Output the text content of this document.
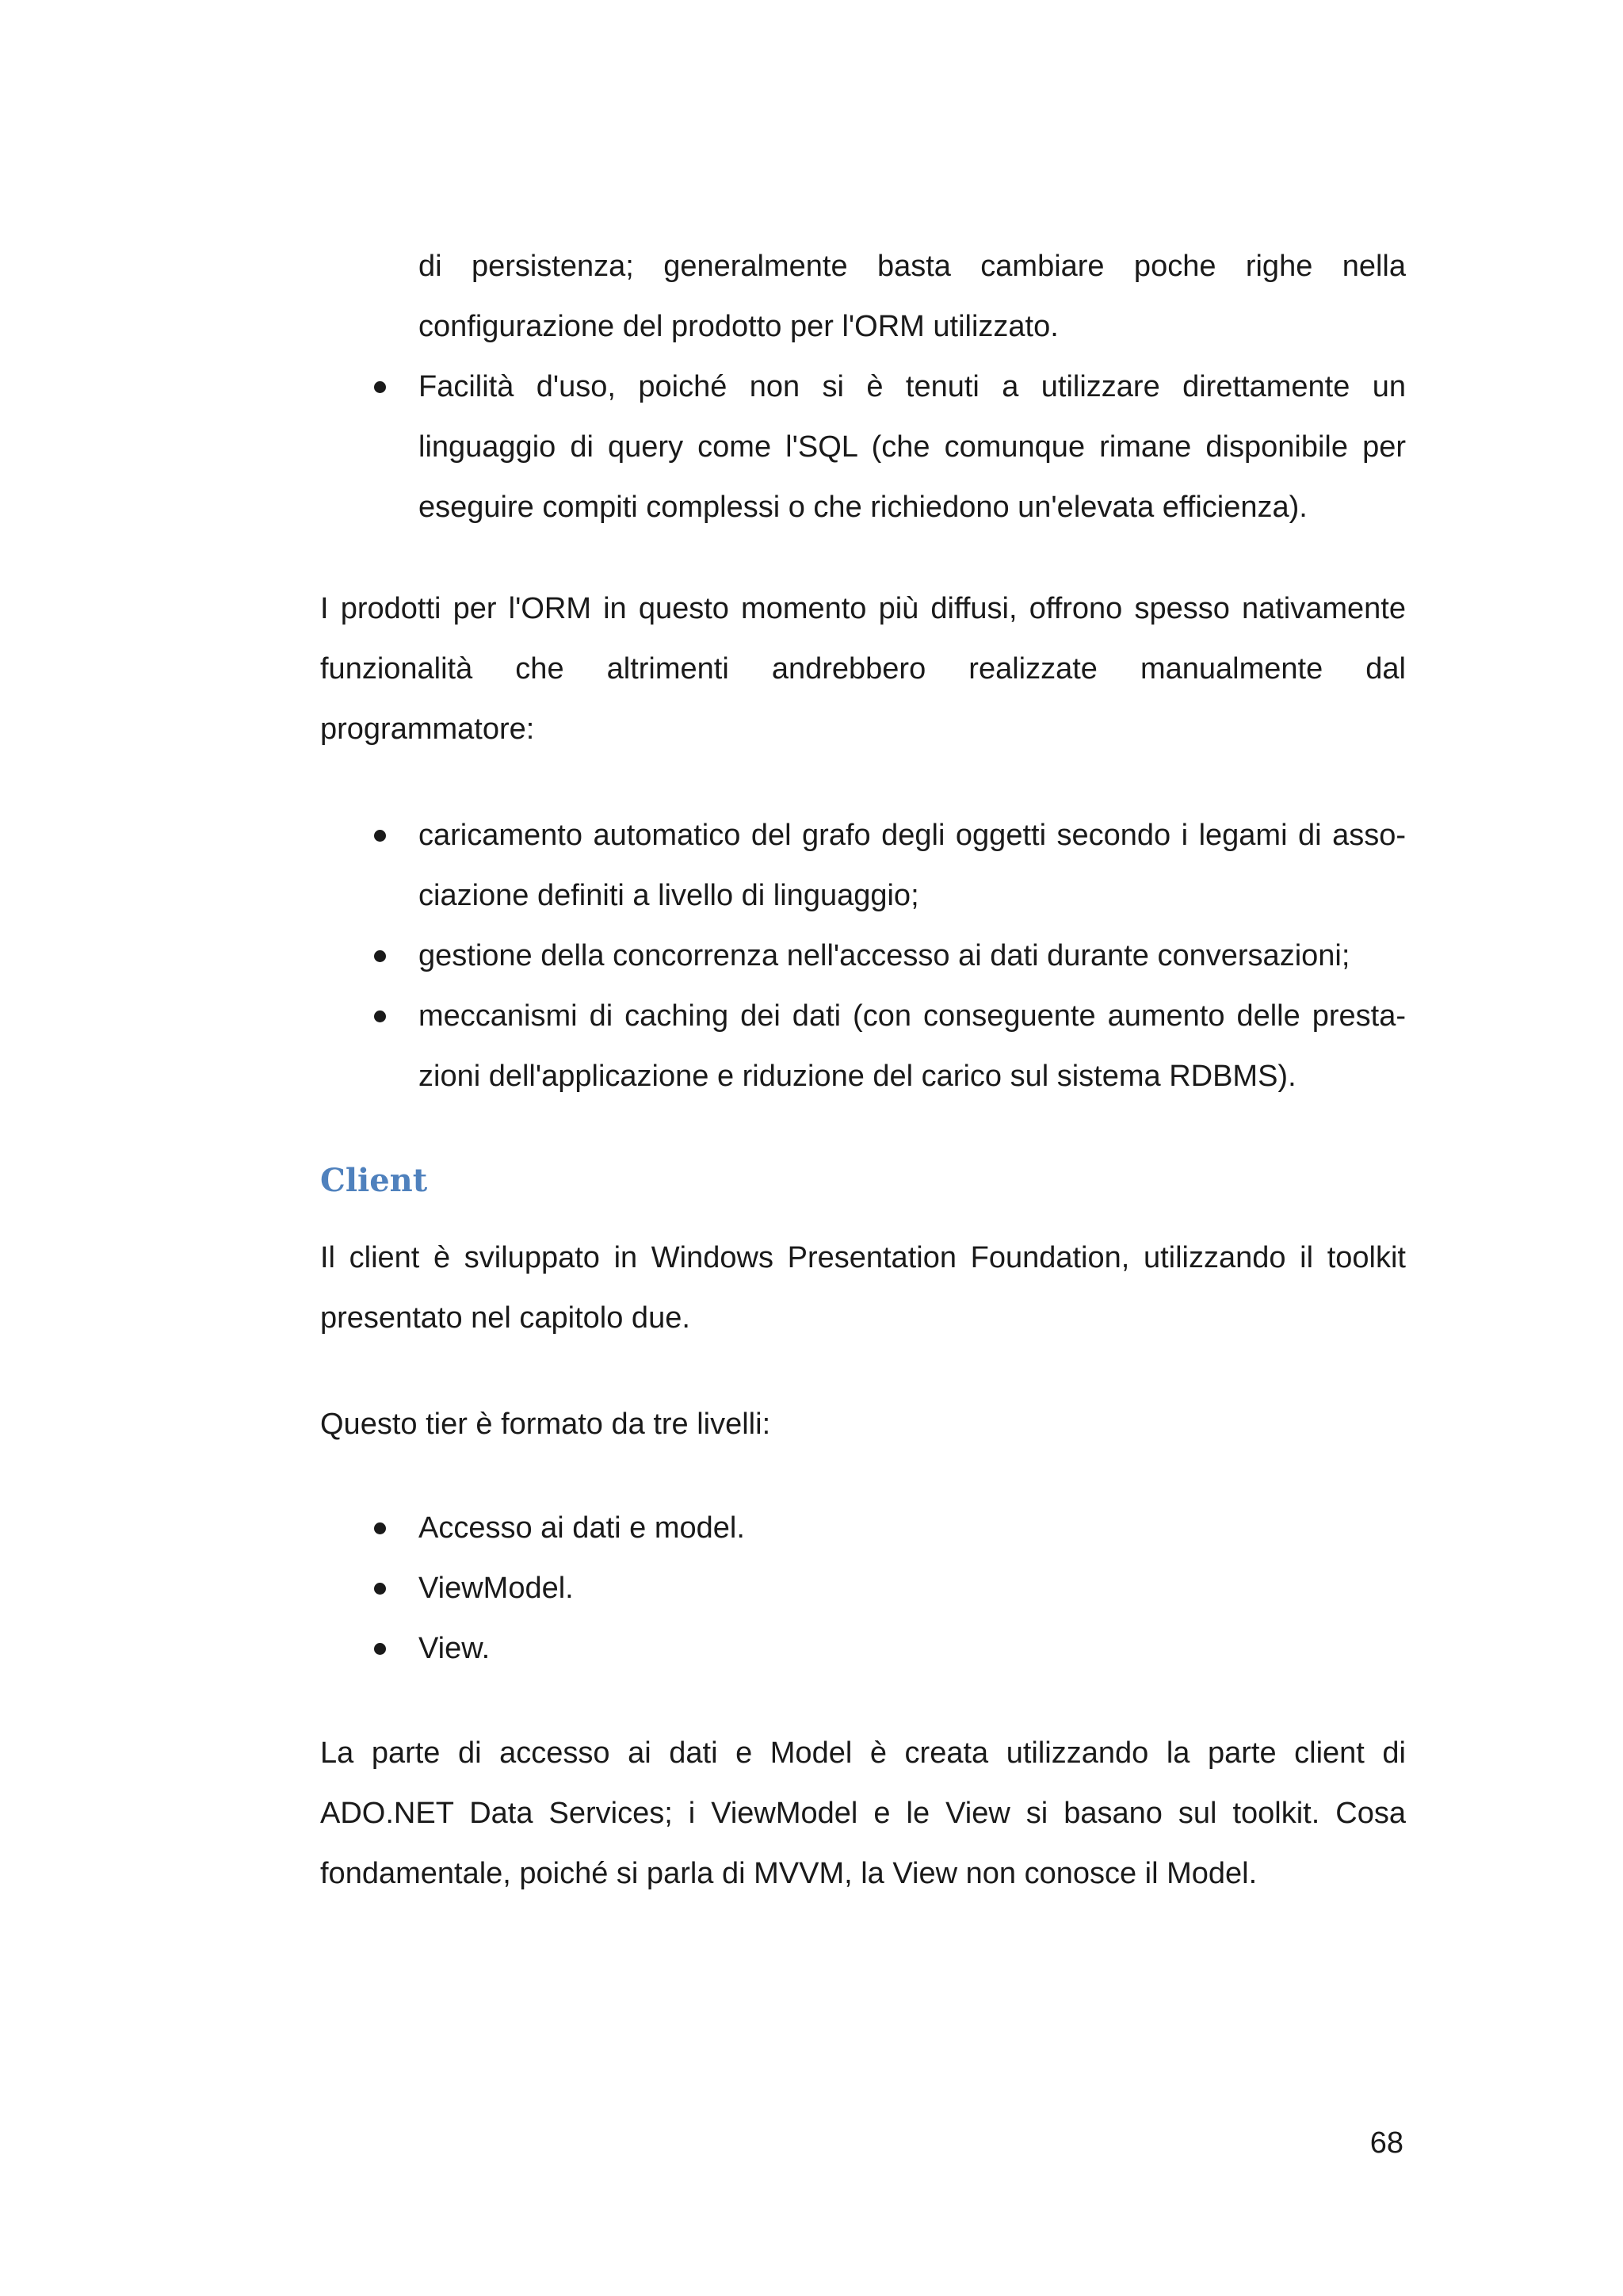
di persistenza; generalmente basta cambiare poche righe nella configurazione del prodotto per l'ORM utilizzato.
Facilità d'uso, poiché non si è tenuti a utilizzare direttamente un linguaggio di query come l'SQL (che comunque rimane disponibile per eseguire compiti complessi o che richiedono un'elevata efficienza).
I prodotti per l'ORM in questo momento più diffusi, offrono spesso nativamente funzionalità che altrimenti andrebbero realizzate manualmente dal programmatore:
caricamento automatico del grafo degli oggetti secondo i legami di asso-ciazione definiti a livello di linguaggio;
gestione della concorrenza nell'accesso ai dati durante conversazioni;
meccanismi di caching dei dati (con conseguente aumento delle presta-zioni dell'applicazione e riduzione del carico sul sistema RDBMS).
Client
Il client è sviluppato in Windows Presentation Foundation, utilizzando il toolkit presentato nel capitolo due.
Questo tier è formato da tre livelli:
Accesso ai dati e model.
ViewModel.
View.
La parte di accesso ai dati e Model è creata utilizzando la parte client di ADO.NET Data Services; i ViewModel e le View si basano sul toolkit. Cosa fondamentale, poiché si parla di MVVM, la View non conosce il Model.
68
